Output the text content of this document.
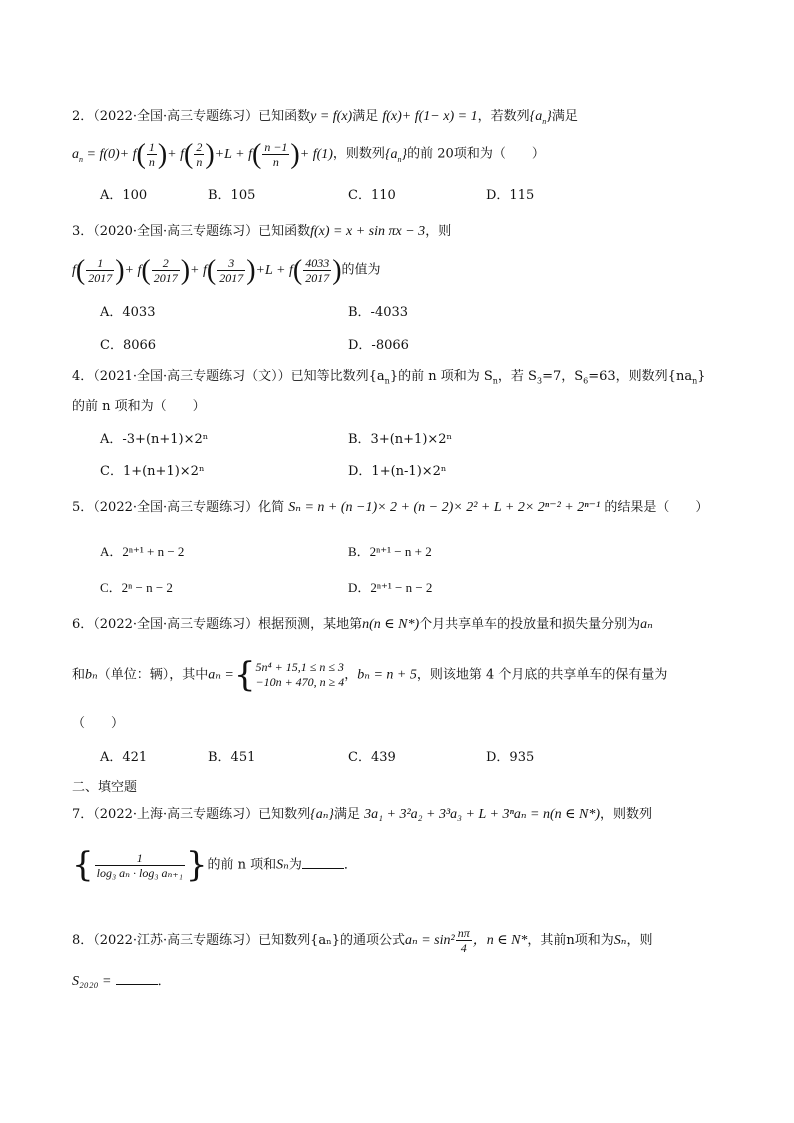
2．（2022·全国·高三专题练习）已知函数y = f(x)满足 f(x)+ f(1− x) = 1，若数列$\{a_n\}$满足
$a_n = f(0)+ f( \frac{1}{n}$ )+ $f( \frac{2}{n} )+L + f( \frac{n -1}{n}$ )+ f(1)，则数列$\{a_n\}$的前 20项和为（　　）
A．100	B．105	C．110	D．115
3．（2020·全国·高三专题练习）已知函数f(x) = x + sin πx − 3，则
$f( \frac{1}{2017}$ )+ $f( \frac{2}{2017}$ )+ $f( \frac{3}{2017} )+L + f( \frac{4033}{2017}$ )的值为
A．4033	B．-4033
C．8066	D．-8066
4．（2021·全国·高三专题练习（文））已知等比数列$\{a_n\}$的前 n 项和为 $S_n$，若 $S_3=7$，$S_6=63$，则数列$\{na_n\}$
的前 n 项和为（　　）
A．-3+(n+1)×2ⁿ	B．3+(n+1)×2ⁿ
C．1+(n+1)×2ⁿ	D．1+(n-1)×2ⁿ
5．（2022·全国·高三专题练习）化简 Sₙ = n + (n −1)× 2 + (n − 2)× 2² + L + 2× 2ⁿ⁻² + 2ⁿ⁻¹ 的结果是（　　）
A．2ⁿ⁺¹ + n − 2	B．2ⁿ⁺¹ − n + 2
C．2ⁿ − n − 2	D．2ⁿ⁺¹ − n − 2
6．（2022·全国·高三专题练习）根据预测，某地第n(n ∈ N*)个月共享单车的投放量和损失量分别为aₙ
和bₙ（单位：辆），其中aₙ ={ 5n⁴ + 15,1 ≤ n ≤ 3
−10n + 470, n ≥ 4 ，bₙ = n + 5，则该地第 4 个月底的共享单车的保有量为
（　　）
A．421	B．451	C．439	D．935
二、填空题
7．（2022·上海·高三专题练习）已知数列{aₙ}满足 3a₁ + 3²a₂ + 3³a₃ + L + 3ⁿaₙ = n(n ∈ N*)，则数列
{ $\frac{1}{\text{log₃ aₙ · log₃ aₙ₊₁}}$ }的前 n 项和Sₙ为	．
8．（2022·江苏·高三专题练习）已知数列{aₙ}的通项公式$a_n = \sin^2 \frac{n\pi}{4}$ ，n ∈ N*，其前n项和为Sₙ，则
S₂₀₂₀ =	．
